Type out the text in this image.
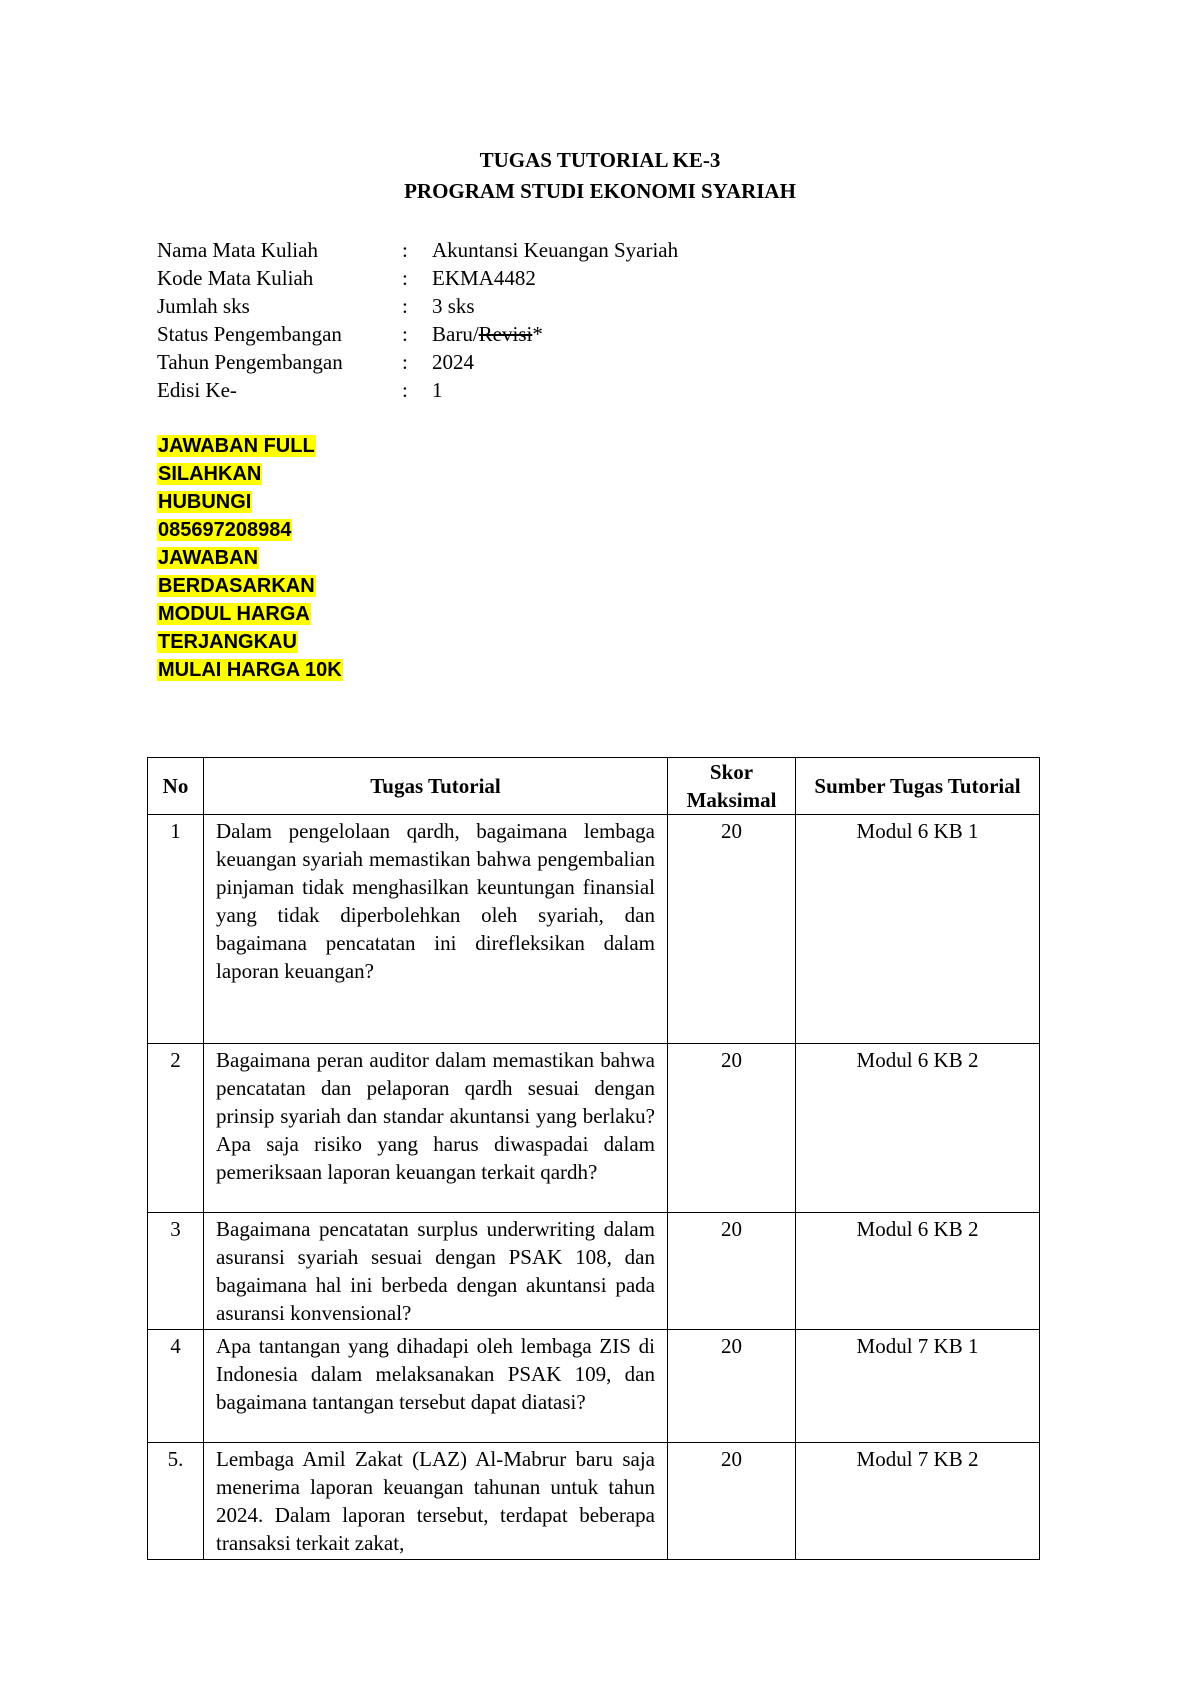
TUGAS TUTORIAL KE-3
PROGRAM STUDI EKONOMI SYARIAH
Nama Mata Kuliah	: Akuntansi Keuangan Syariah
Kode Mata Kuliah	: EKMA4482
Jumlah sks	: 3 sks
Status Pengembangan	: Baru/Revisi*
Tahun Pengembangan	: 2024
Edisi Ke-	: 1
JAWABAN FULL
SILAHKAN
HUBUNGI
085697208984
JAWABAN
BERDASARKAN
MODUL HARGA
TERJANGKAU
MULAI HARGA 10K
No	Tugas Tutorial	Skor Maksimal	Sumber Tugas Tutorial
1	Dalam pengelolaan qardh, bagaimana lembaga keuangan syariah memastikan bahwa pengembalian pinjaman tidak menghasilkan keuntungan finansial yang tidak diperbolehkan oleh syariah, dan bagaimana pencatatan ini direfleksikan dalam laporan keuangan?	20	Modul 6 KB 1
2	Bagaimana peran auditor dalam memastikan bahwa pencatatan dan pelaporan qardh sesuai dengan prinsip syariah dan standar akuntansi yang berlaku? Apa saja risiko yang harus diwaspadai dalam pemeriksaan laporan keuangan terkait qardh?	20	Modul 6 KB 2
3	Bagaimana pencatatan surplus underwriting dalam asuransi syariah sesuai dengan PSAK 108, dan bagaimana hal ini berbeda dengan akuntansi pada asuransi konvensional?	20	Modul 6 KB 2
4	Apa tantangan yang dihadapi oleh lembaga ZIS di Indonesia dalam melaksanakan PSAK 109, dan bagaimana tantangan tersebut dapat diatasi?	20	Modul 7 KB 1
5.	Lembaga Amil Zakat (LAZ) Al-Mabrur baru saja menerima laporan keuangan tahunan untuk tahun 2024. Dalam laporan tersebut, terdapat beberapa transaksi terkait zakat,	20	Modul 7 KB 2
